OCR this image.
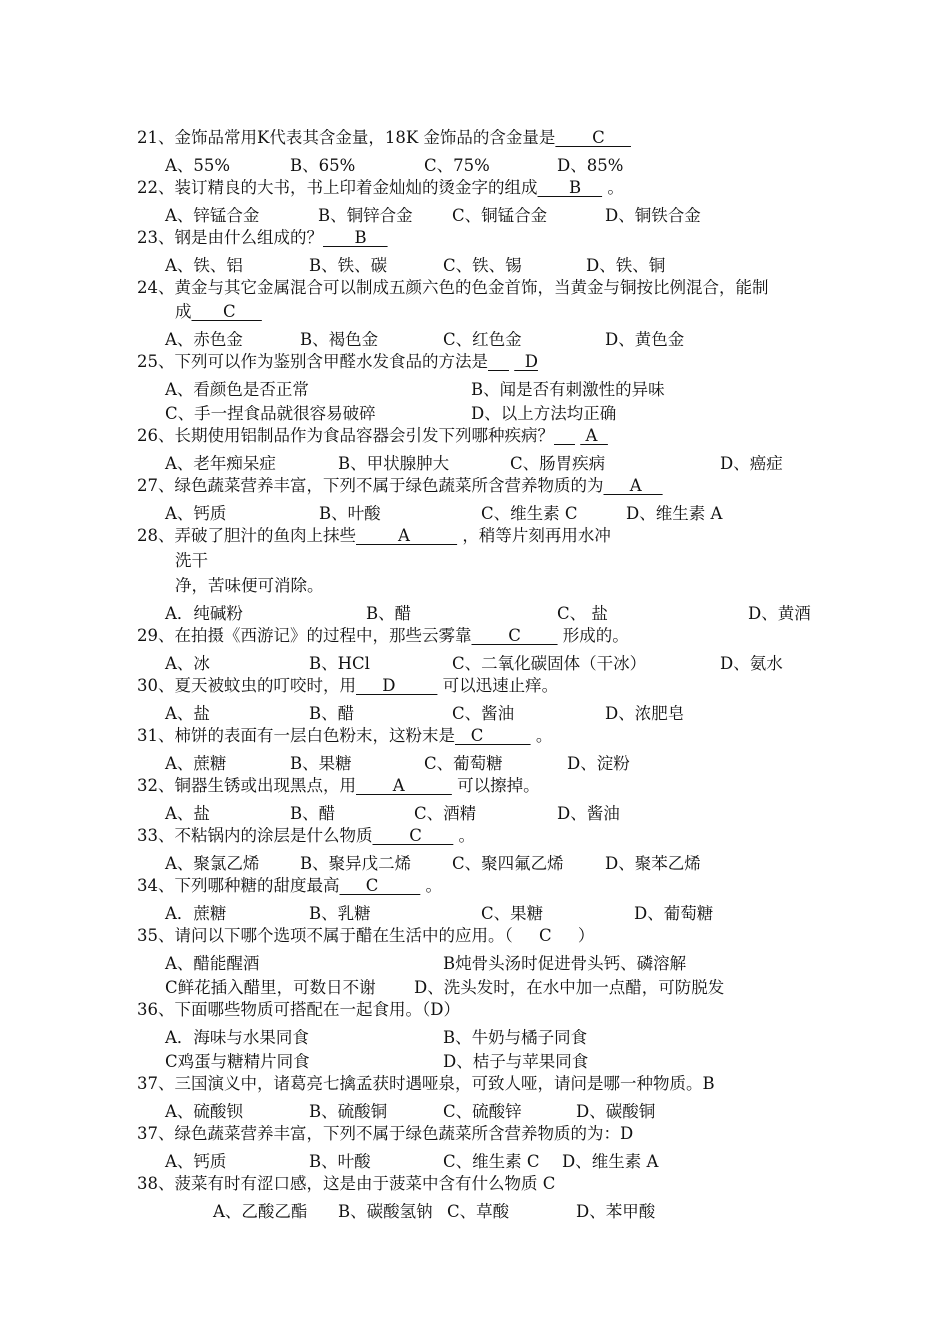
21、金饰品常用K代表其含金量，18K 金饰品的含金量是       C
A、55%	B、65%	C、75%	D、85%
22、装订精良的大书，书上印着金灿灿的烫金字的组成      B     。
A、锌锰合金	B、铜锌合金 C、铜锰合金	D、铜铁合金
23、钢是由什么组成的？      B
A、铁、铝	B、铁、碳	C、铁、锡	D、铁、铜
24、黄金与其它金属混合可以制成五颜六色的色金首饰，当黄金与铜按比例混合，能制
成      C
A、赤色金	B、褐色金	C、红色金	D、黄色金
25、下列可以作为鉴别含甲醛水发食品的方法是       D
A、看颜色是否正常	B、闻是否有刺激性的异味
C、手一捏食品就很容易破碎	D、以上方法均正确
26、长期使用铝制品作为食品容器会引发下列哪种疾病？      A
A、老年痴呆症	B、甲状腺肿大	C、肠胃疾病	D、癌症
27、绿色蔬菜营养丰富，下列不属于绿色蔬菜所含营养物质的为     A
A、钙质	B、叶酸	C、维生素 C	D、维生素 A
28、弄破了胆汁的鱼肉上抹些        A          ，稍等片刻再用水冲
洗干
净，苦味便可消除。
A．纯碱粉	B、醋	C、 盐	D、黄酒
29、在拍摄《西游记》的过程中，那些云雾靠       C        形成的。
A、冰	B、HCl	C、二氧化碳固体（干冰）	D、氨水
30、夏天被蚊虫的叮咬时，用     D         可以迅速止痒。
A、盐	B、醋	C、酱油	D、浓肥皂
31、柿饼的表面有一层白色粉末，这粉末是   C          。
A、蔗糖	B、果糖	C、葡萄糖	D、淀粉
32、铜器生锈或出现黑点，用       A          可以擦掉。
A、盐	B、醋	C、酒精	D、酱油
33、不粘锅内的涂层是什么物质       C       。
A、聚氯乙烯 B、聚异戊二烯 C、聚四氟乙烯	D、聚苯乙烯
34、下列哪种糖的甜度最高     C         。
A．蔗糖	B、乳糖	C、果糖	D、葡萄糖
35、请问以下哪个选项不属于醋在生活中的应用。（     C     ）
A、醋能醒酒	B炖骨头汤时促进骨头钙、磷溶解
C鲜花插入醋里，可数日不谢 D、洗头发时，在水中加一点醋，可防脱发
36、下面哪些物质可搭配在一起食用。（D）
A．海味与水果同食	B、牛奶与橘子同食
C鸡蛋与糖精片同食	D、桔子与苹果同食
37、三国演义中，诸葛亮七擒孟获时遇哑泉，可致人哑，请问是哪一种物质。B
A、硫酸钡	B、硫酸铜	C、硫酸锌	D、碳酸铜
37、绿色蔬菜营养丰富，下列不属于绿色蔬菜所含营养物质的为：D
A、钙质	B、叶酸	C、维生素 C D、维生素 A
38、菠菜有时有涩口感，这是由于菠菜中含有什么物质 C
A、乙酸乙酯 B、碳酸氢钠 C、草酸	D、苯甲酸
